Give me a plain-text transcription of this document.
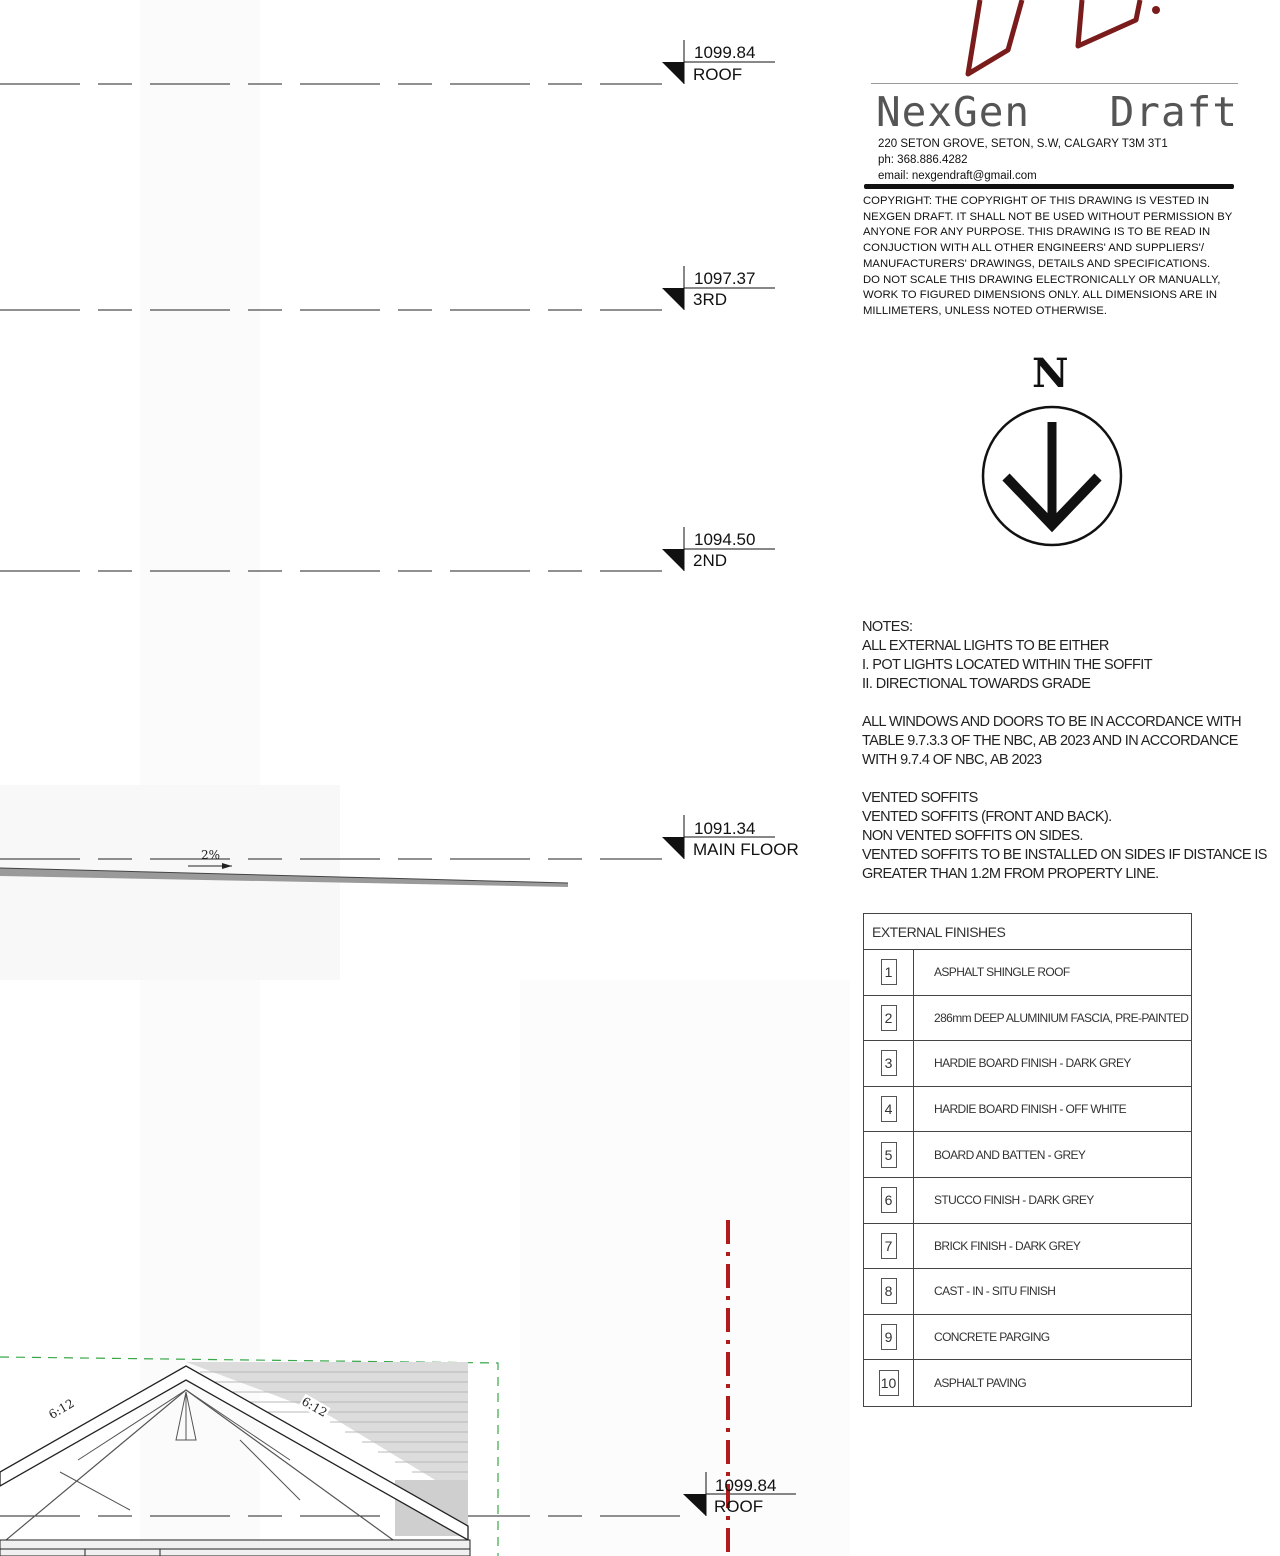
1099.84
ROOF
1097.37
3RD
1094.50
2ND
1091.34
MAIN FLOOR
1099.84
ROOF
2%
6:12	6:12
NexGen Draft
220 SETON GROVE, SETON, S.W, CALGARY T3M 3T1
ph: 368.886.4282
email: nexgendraft@gmail.com

COPYRIGHT: THE COPYRIGHT OF THIS DRAWING IS VESTED IN NEXGEN DRAFT. IT SHALL NOT BE USED WITHOUT PERMISSION BY ANYONE FOR ANY PURPOSE. THIS DRAWING IS TO BE READ IN CONJUCTION WITH ALL OTHER ENGINEERS' AND SUPPLIERS'/ MANUFACTURERS' DRAWINGS, DETAILS AND SPECIFICATIONS.

DO NOT SCALE THIS DRAWING ELECTRONICALLY OR MANUALLY, WORK TO FIGURED DIMENSIONS ONLY. ALL DIMENSIONS ARE IN MILLIMETERS, UNLESS NOTED OTHERWISE.

N
NOTES:
ALL EXTERNAL LIGHTS TO BE EITHER
I. POT LIGHTS LOCATED WITHIN THE SOFFIT
II. DIRECTIONAL TOWARDS GRADE
ALL WINDOWS AND DOORS TO BE IN ACCORDANCE WITH
TABLE 9.7.3.3 OF THE NBC, AB 2023 AND IN ACCORDANCE
WITH 9.7.4 OF NBC, AB 2023
VENTED SOFFITS
VENTED SOFFITS (FRONT AND BACK).
NON VENTED SOFFITS ON SIDES.
VENTED SOFFITS TO BE INSTALLED ON SIDES IF DISTANCE IS
GREATER THAN 1.2M FROM PROPERTY LINE.
EXTERNAL FINISHES
1	ASPHALT SHINGLE ROOF
2	286mm DEEP ALUMINIUM FASCIA, PRE-PAINTED
3	HARDIE BOARD FINISH - DARK GREY
4	HARDIE BOARD FINISH - OFF WHITE
5	BOARD AND BATTEN - GREY
6	STUCCO FINISH - DARK GREY
7	BRICK FINISH - DARK GREY
8	CAST - IN - SITU FINISH
9	CONCRETE PARGING
10	ASPHALT PAVING
